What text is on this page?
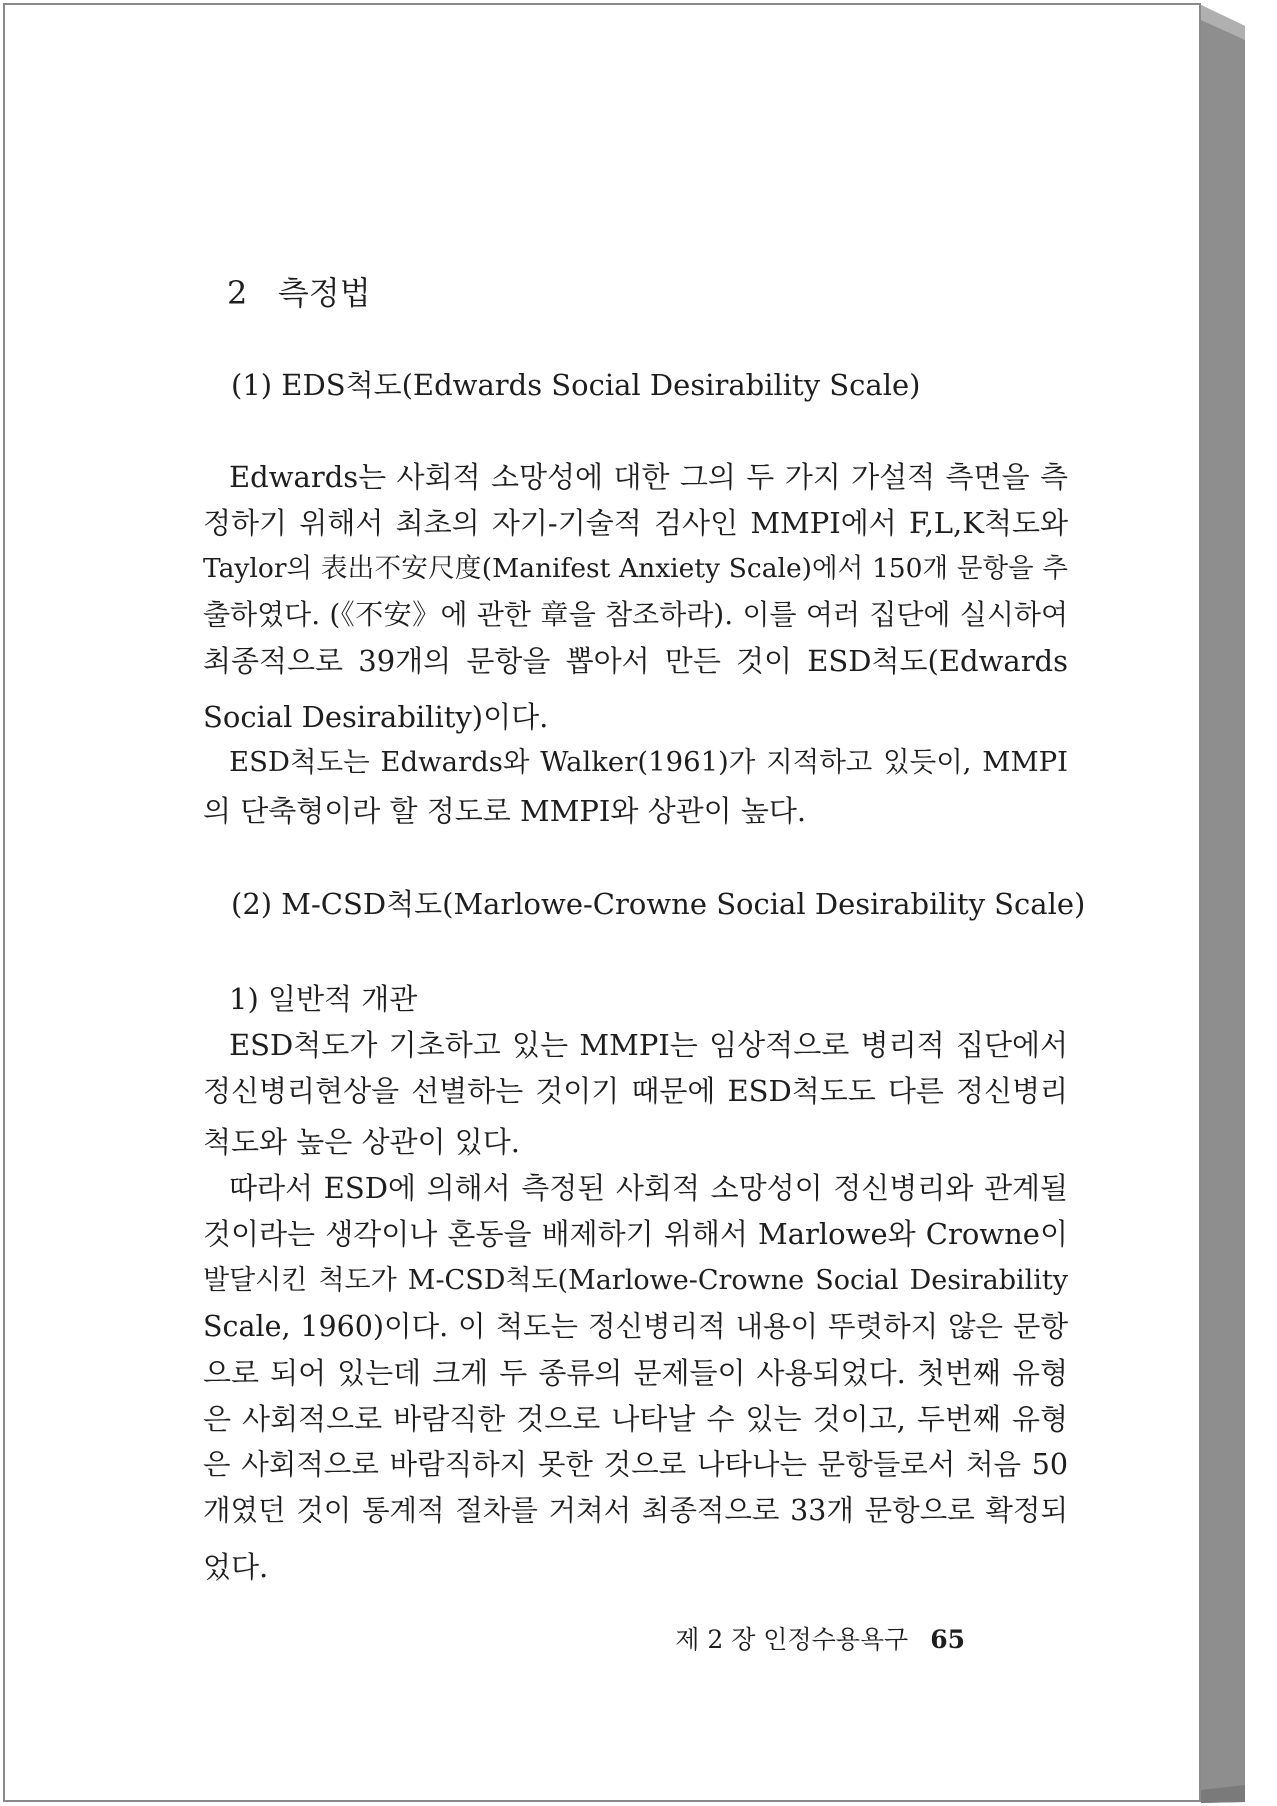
2 측정법
(1) EDS척도(Edwards Social Desirability Scale)
Edwards는 사회적 소망성에 대한 그의 두 가지 가설적 측면을 측
정하기 위해서 최초의 자기-기술적 검사인 MMPI에서 F,L,K척도와
Taylor의 表出不安尺度(Manifest Anxiety Scale)에서 150개 문항을 추
출하였다. (《不安》에 관한 章을 참조하라). 이를 여러 집단에 실시하여
최종적으로 39개의 문항을 뽑아서 만든 것이 ESD척도(Edwards
Social Desirability)이다.
ESD척도는 Edwards와 Walker(1961)가 지적하고 있듯이, MMPI
의 단축형이라 할 정도로 MMPI와 상관이 높다.
(2) M-CSD척도(Marlowe-Crowne Social Desirability Scale)
1) 일반적 개관
ESD척도가 기초하고 있는 MMPI는 임상적으로 병리적 집단에서
정신병리현상을 선별하는 것이기 때문에 ESD척도도 다른 정신병리
척도와 높은 상관이 있다.
따라서 ESD에 의해서 측정된 사회적 소망성이 정신병리와 관계될
것이라는 생각이나 혼동을 배제하기 위해서 Marlowe와 Crowne이
발달시킨 척도가 M-CSD척도(Marlowe-Crowne Social Desirability
Scale, 1960)이다. 이 척도는 정신병리적 내용이 뚜렷하지 않은 문항
으로 되어 있는데 크게 두 종류의 문제들이 사용되었다. 첫번째 유형
은 사회적으로 바람직한 것으로 나타날 수 있는 것이고, 두번째 유형
은 사회적으로 바람직하지 못한 것으로 나타나는 문항들로서 처음 50
개였던 것이 통계적 절차를 거쳐서 최종적으로 33개 문항으로 확정되
었다.
제 2 장 인정수용욕구 65
